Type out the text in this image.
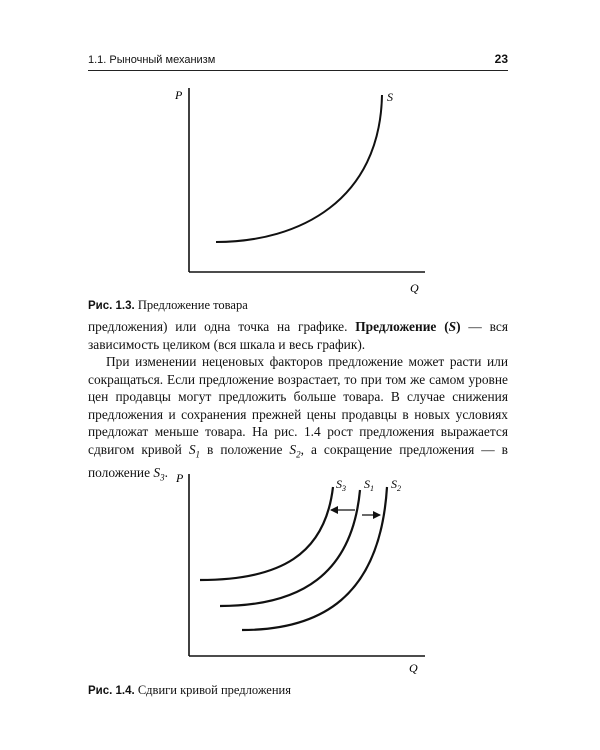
1.1. Рыночный механизм	23
P	S
Q
Рис. 1.3. Предложение товара

предложения) или одна точка на графике. Предложение (S) — вся зависимость целиком (вся шкала и весь график).

При изменении неценовых факторов предложение может расти или сокращаться. Если предложение возрастает, то при том же самом уровне цен продавцы могут предложить больше товара. В случае снижения предложения и сохранения прежней цены продавцы в новых условиях предложат меньше товара. На рис. 1.4 рост предложения выражается сдвигом кривой $S_1$ в положение $S_2$, а сокращение предложения — в положение $S_3$. P
Q
$S_3$ $S_1$ $S_2$
Рис. 1.4. Сдвиги кривой предложения
